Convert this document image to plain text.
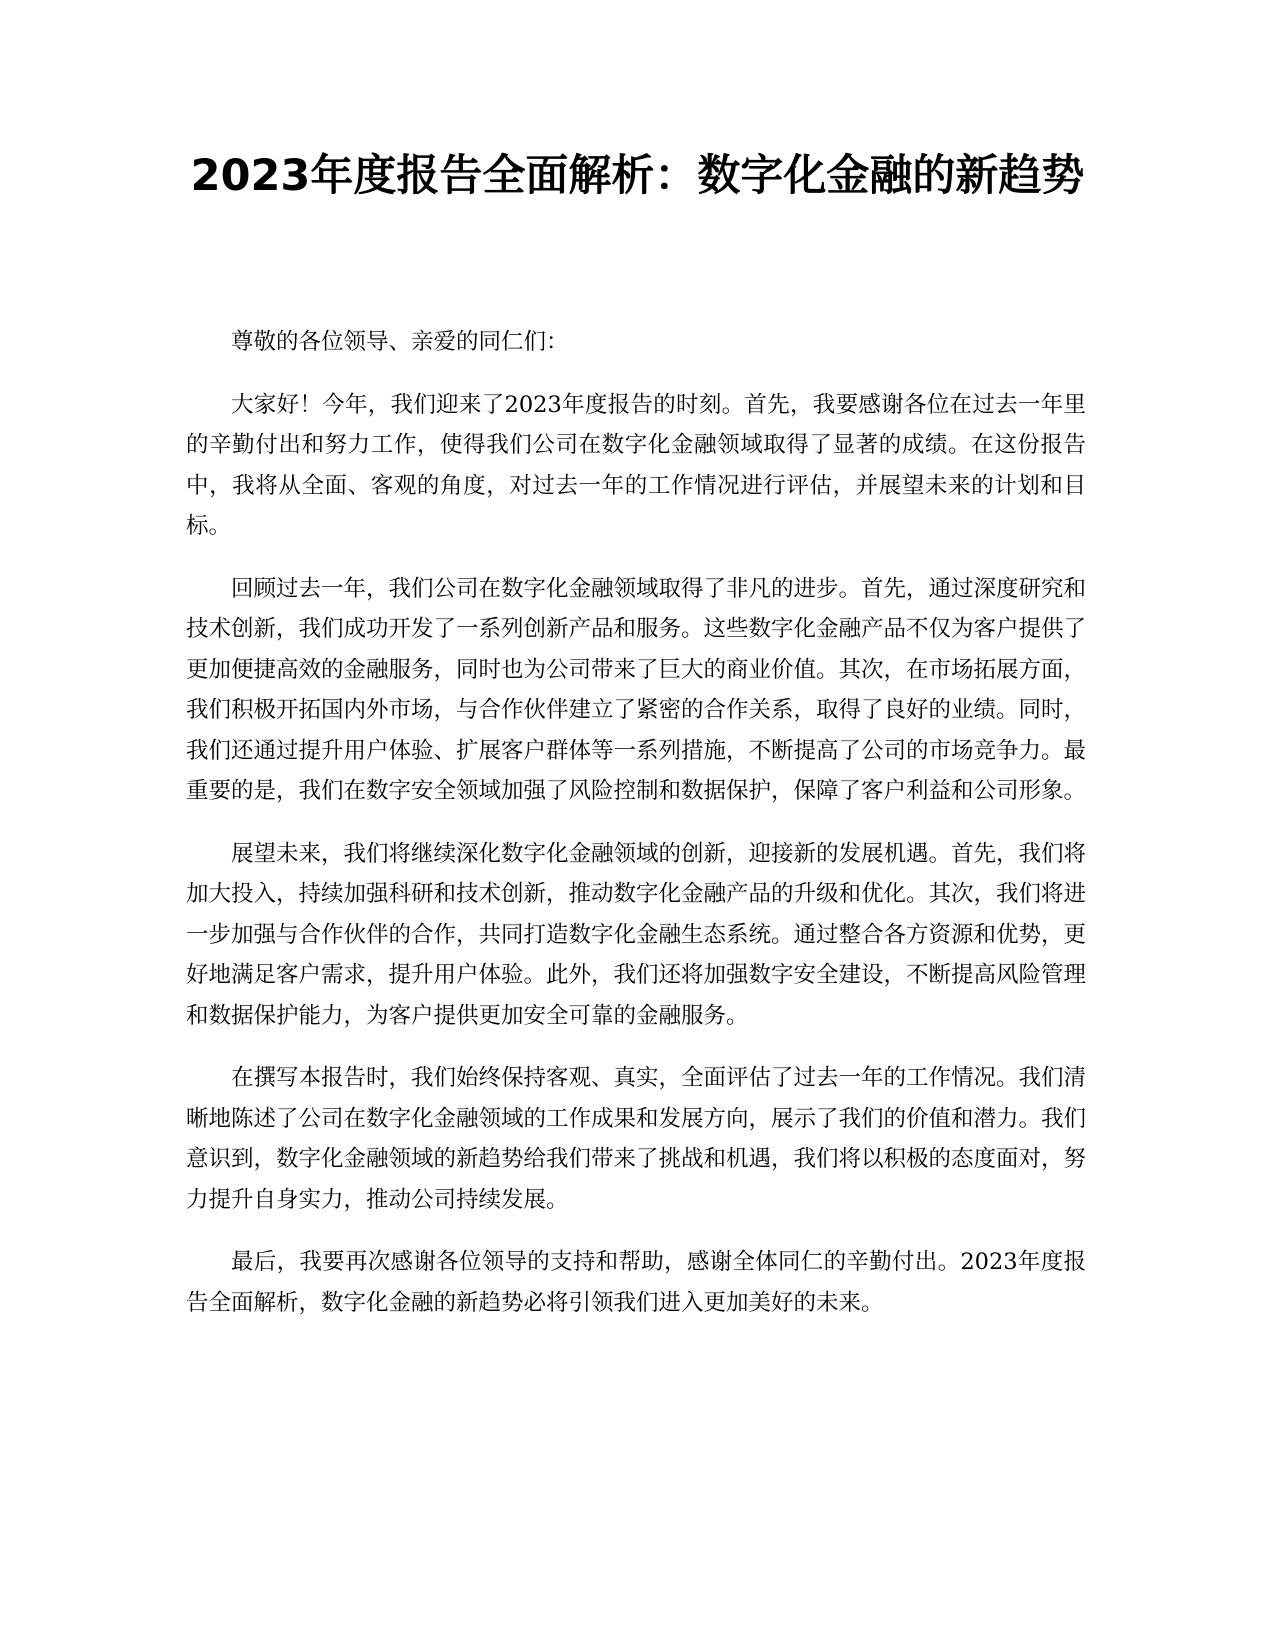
2023年度报告全面解析：数字化金融的新趋势

尊敬的各位领导、亲爱的同仁们：

大家好！今年，我们迎来了2023年度报告的时刻。首先，我要感谢各位在过去一年里的辛勤付出和努力工作，使得我们公司在数字化金融领域取得了显著的成绩。在这份报告中，我将从全面、客观的角度，对过去一年的工作情况进行评估，并展望未来的计划和目标。

回顾过去一年，我们公司在数字化金融领域取得了非凡的进步。首先，通过深度研究和技术创新，我们成功开发了一系列创新产品和服务。这些数字化金融产品不仅为客户提供了更加便捷高效的金融服务，同时也为公司带来了巨大的商业价值。其次，在市场拓展方面，我们积极开拓国内外市场，与合作伙伴建立了紧密的合作关系，取得了良好的业绩。同时，我们还通过提升用户体验、扩展客户群体等一系列措施，不断提高了公司的市场竞争力。最重要的是，我们在数字安全领域加强了风险控制和数据保护，保障了客户利益和公司形象。

展望未来，我们将继续深化数字化金融领域的创新，迎接新的发展机遇。首先，我们将加大投入，持续加强科研和技术创新，推动数字化金融产品的升级和优化。其次，我们将进一步加强与合作伙伴的合作，共同打造数字化金融生态系统。通过整合各方资源和优势，更好地满足客户需求，提升用户体验。此外，我们还将加强数字安全建设，不断提高风险管理和数据保护能力，为客户提供更加安全可靠的金融服务。

在撰写本报告时，我们始终保持客观、真实，全面评估了过去一年的工作情况。我们清晰地陈述了公司在数字化金融领域的工作成果和发展方向，展示了我们的价值和潜力。我们意识到，数字化金融领域的新趋势给我们带来了挑战和机遇，我们将以积极的态度面对，努力提升自身实力，推动公司持续发展。

最后，我要再次感谢各位领导的支持和帮助，感谢全体同仁的辛勤付出。2023年度报告全面解析，数字化金融的新趋势必将引领我们进入更加美好的未来。
